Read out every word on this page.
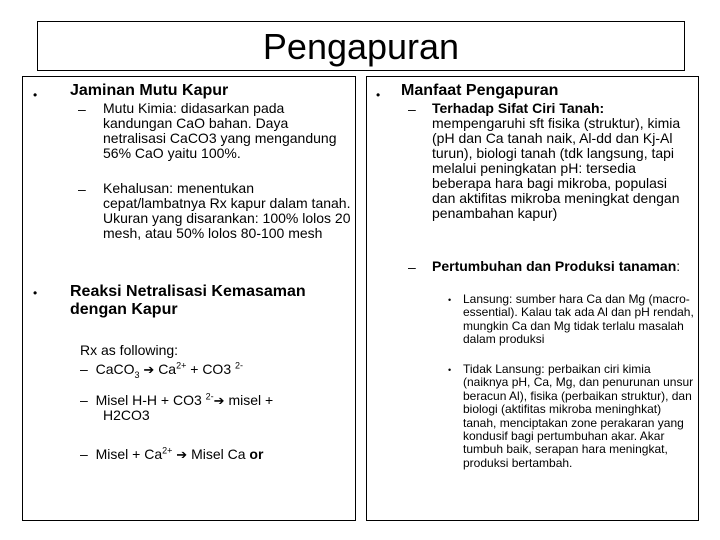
Pengapuran
• Jaminan Mutu Kapur
– Mutu Kimia: didasarkan pada kandungan CaO bahan. Daya netralisasi CaCO3 yang mengandung 56% CaO yaitu 100%.
– Kehalusan: menentukan cepat/lambatnya Rx kapur dalam tanah. Ukuran yang disarankan: 100% lolos 20 mesh, atau 50% lolos 80-100 mesh
• Reaksi Netralisasi Kemasaman dengan Kapur
Rx as following:
– CaCO$_3$ ➔ $Ca^{2+} + CO3$ $^{2-}$
– Misel H-H + CO3 $^{2-}$➔ misel +
H2CO3
– Misel + $Ca^{2+}$ ➔ Misel Ca or
• Manfaat Pengapuran
– Terhadap Sifat Ciri Tanah: mempengaruhi sft fisika (struktur), kimia (pH dan Ca tanah naik, Al-dd dan Kj-Al turun), biologi tanah (tdk langsung, tapi melalui peningkatan pH: tersedia beberapa hara bagi mikroba, populasi dan aktifitas mikroba meningkat dengan penambahan kapur)
– Pertumbuhan dan Produksi tanaman:
• Lansung: sumber hara Ca dan Mg (macro-essential). Kalau tak ada Al dan pH rendah, mungkin Ca dan Mg tidak terlalu masalah dalam produksi
• Tidak Lansung: perbaikan ciri kimia (naiknya pH, Ca, Mg, dan penurunan unsur beracun Al), fisika (perbaikan struktur), dan biologi (aktifitas mikroba meninghkat) tanah, menciptakan zone perakaran yang kondusif bagi pertumbuhan akar. Akar tumbuh baik, serapan hara meningkat, produksi bertambah.
